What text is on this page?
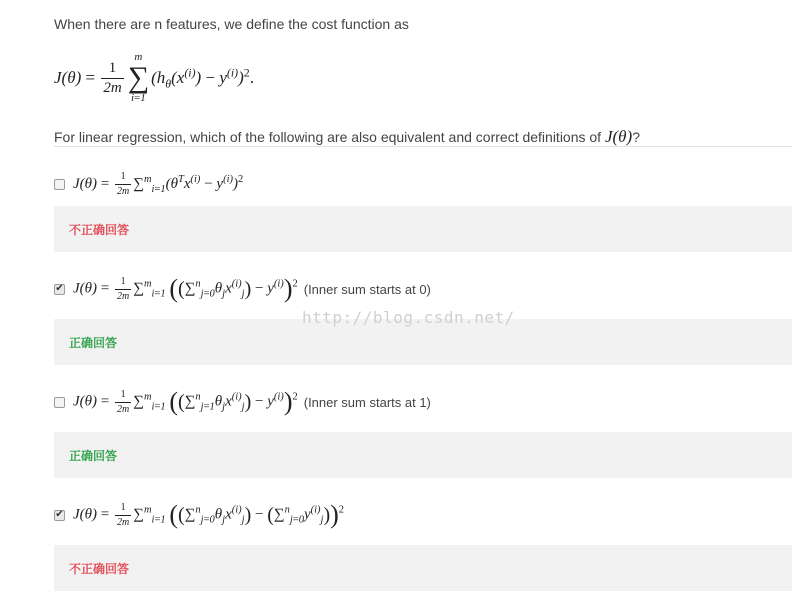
When there are n features, we define the cost function as
$J(\theta) = \frac{1}{2m}$
m
∑
i=1
$(h_\theta(x^{(i)}) - y^{(i)})^2$ .
For linear regression, which of the following are also equivalent and correct definitions of J(θ)?
$J(\theta) = \frac{1}{2m} \sum^m_{i=1}(\theta^Tx^{(i)} - y^{(i)})^2$
不正确回答
✔ $J(\theta) = \frac{1}{2m} \sum^m_{i=1}$ $((\sum^n_{j=0}\theta_jx^{(i)}_j) - y^{(i)})^2$ (Inner sum starts at 0)
正确回答
$J(\theta) = \frac{1}{2m} \sum^m_{i=1}$ $((\sum^n_{j=1}\theta_jx^{(i)}_j) - y^{(i)})^2$ (Inner sum starts at 1)
正确回答
✔ $J(\theta) = \frac{1}{2m} \sum^m_{i=1}$ $((\sum^n_{j=0}\theta_jx^{(i)}_j) - (\sum^n_{j=0}y^{(i)}_j))^2$
不正确回答
http://blog.csdn.net/
